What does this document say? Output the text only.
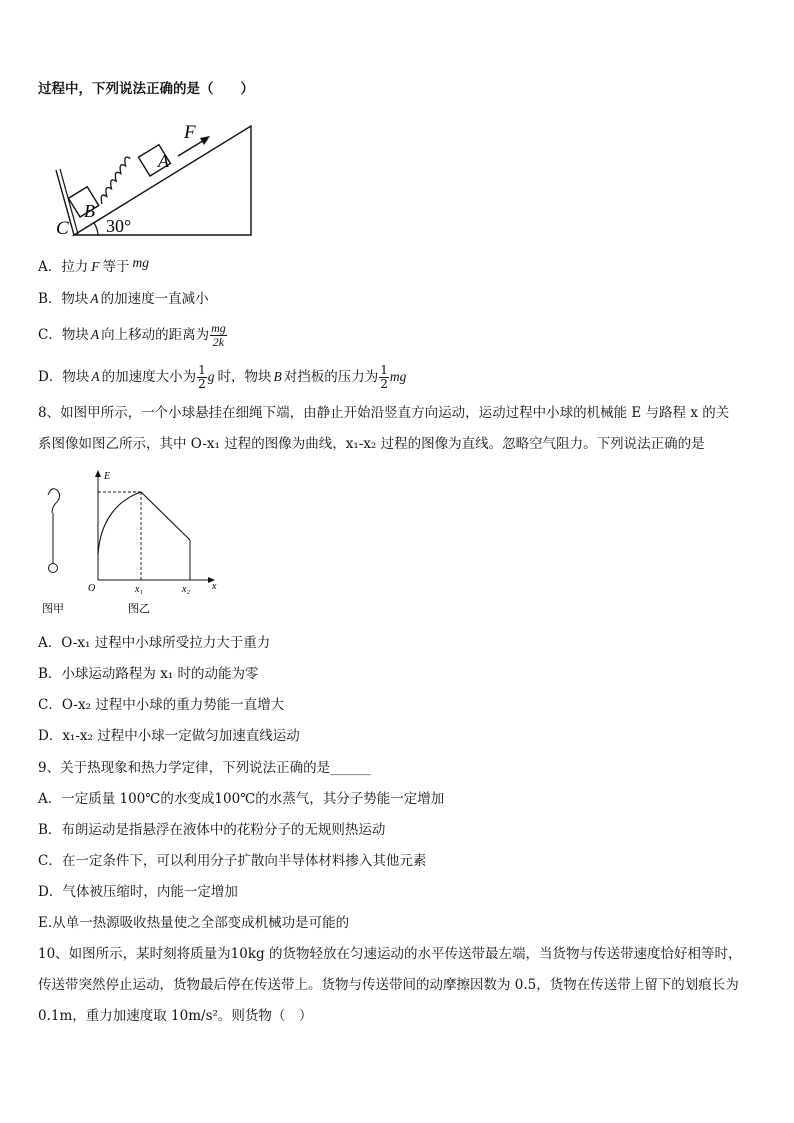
过程中，下列说法正确的是（　　）
F
A
B
C 30°
A．拉力 F 等于 mg
B．物块 A 的加速度一直减小
C．物块 A 向上移动的距离为 $\frac{mg}{2k}$
D．物块 A 的加速度大小为 $\frac{1}{2}$ g 时，物块 B 对挡板的压力为 $\frac{1}{2}$ mg
8、如图甲所示，一个小球悬挂在细绳下端，由静止开始沿竖直方向运动，运动过程中小球的机械能 E 与路程 x 的关
系图像如图乙所示，其中 O-x₁ 过程的图像为曲线，x₁-x₂ 过程的图像为直线。忽略空气阻力。下列说法正确的是
图甲
E
x
O	x₁	x₂
图乙
A．O-x₁ 过程中小球所受拉力大于重力
B．小球运动路程为 x₁ 时的动能为零
C．O-x₂ 过程中小球的重力势能一直增大
D．x₁-x₂ 过程中小球一定做匀加速直线运动
9、关于热现象和热力学定律，下列说法正确的是______
A．一定质量 100℃的水变成100℃的水蒸气，其分子势能一定增加
B．布朗运动是指悬浮在液体中的花粉分子的无规则热运动
C．在一定条件下，可以利用分子扩散向半导体材料掺入其他元素
D．气体被压缩时，内能一定增加
E.从单一热源吸收热量使之全部变成机械功是可能的
10、如图所示，某时刻将质量为10kg 的货物轻放在匀速运动的水平传送带最左端，当货物与传送带速度恰好相等时，
传送带突然停止运动，货物最后停在传送带上。货物与传送带间的动摩擦因数为 0.5，货物在传送带上留下的划痕长为
0.1m，重力加速度取 10m/s²。则货物（　）
